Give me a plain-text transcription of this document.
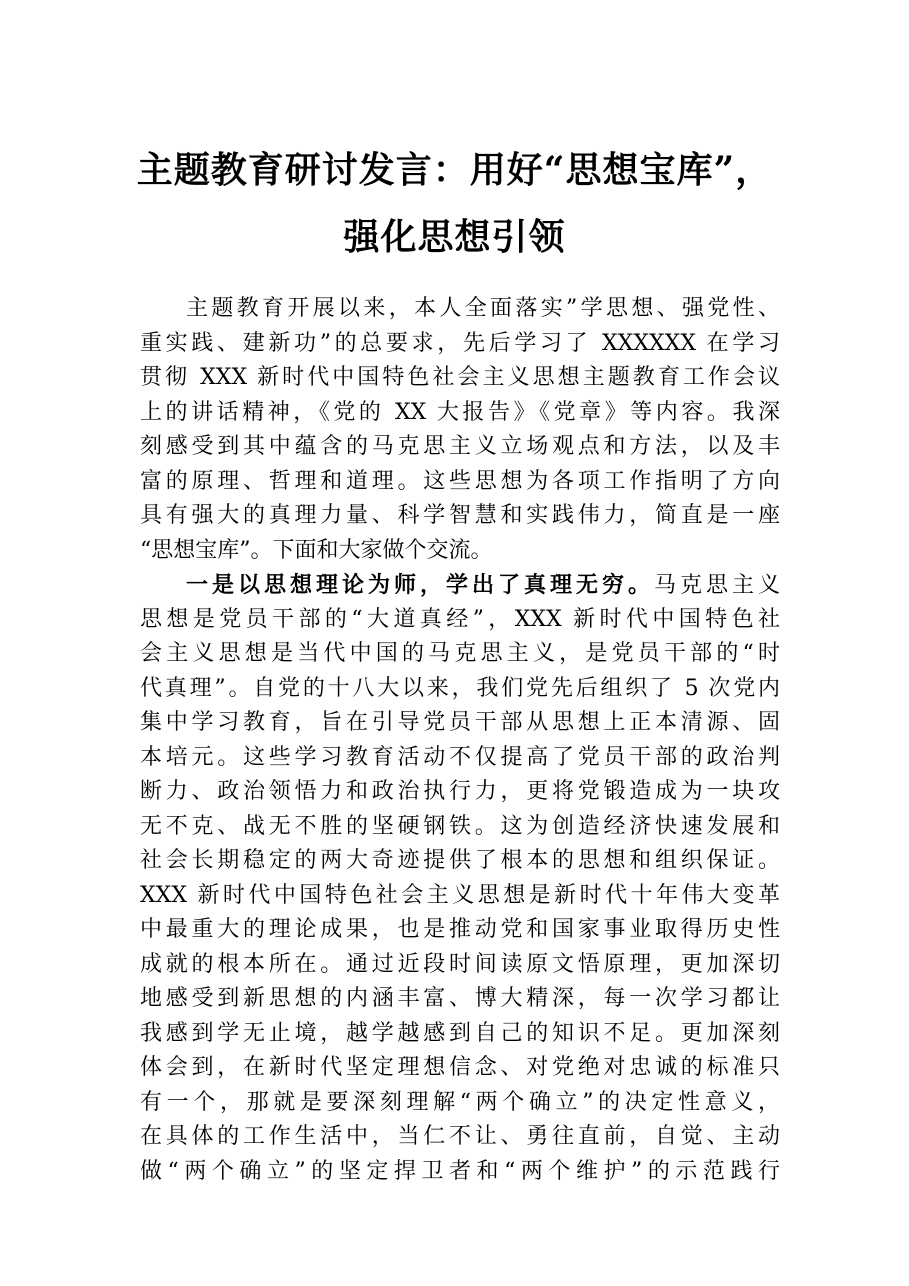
主题教育研讨发言：用好“思想宝库”，
强化思想引领
主题教育开展以来，本人全面落实”学思想、强党性、
重实践、建新功”的总要求，先后学习了 XXXXXX 在学习
贯彻 XXX 新时代中国特色社会主义思想主题教育工作会议
上的讲话精神，《党的 XX 大报告》《党章》等内容。我深
刻感受到其中蕴含的马克思主义立场观点和方法，以及丰
富的原理、哲理和道理。这些思想为各项工作指明了方向
具有强大的真理力量、科学智慧和实践伟力，简直是一座
“思想宝库”。下面和大家做个交流。
一是以思想理论为师，学出了真理无穷。马克思主义
思想是党员干部的“大道真经”，XXX 新时代中国特色社
会主义思想是当代中国的马克思主义，是党员干部的“时
代真理”。自党的十八大以来，我们党先后组织了 5 次党内
集中学习教育，旨在引导党员干部从思想上正本清源、固
本培元。这些学习教育活动不仅提高了党员干部的政治判
断力、政治领悟力和政治执行力，更将党锻造成为一块攻
无不克、战无不胜的坚硬钢铁。这为创造经济快速发展和
社会长期稳定的两大奇迹提供了根本的思想和组织保证。
XXX 新时代中国特色社会主义思想是新时代十年伟大变革
中最重大的理论成果，也是推动党和国家事业取得历史性
成就的根本所在。通过近段时间读原文悟原理，更加深切
地感受到新思想的内涵丰富、博大精深，每一次学习都让
我感到学无止境，越学越感到自己的知识不足。更加深刻
体会到，在新时代坚定理想信念、对党绝对忠诚的标准只
有一个，那就是要深刻理解“两个确立”的决定性意义，
在具体的工作生活中，当仁不让、勇往直前，自觉、主动
做“两个确立”的坚定捍卫者和“两个维护”的示范践行
